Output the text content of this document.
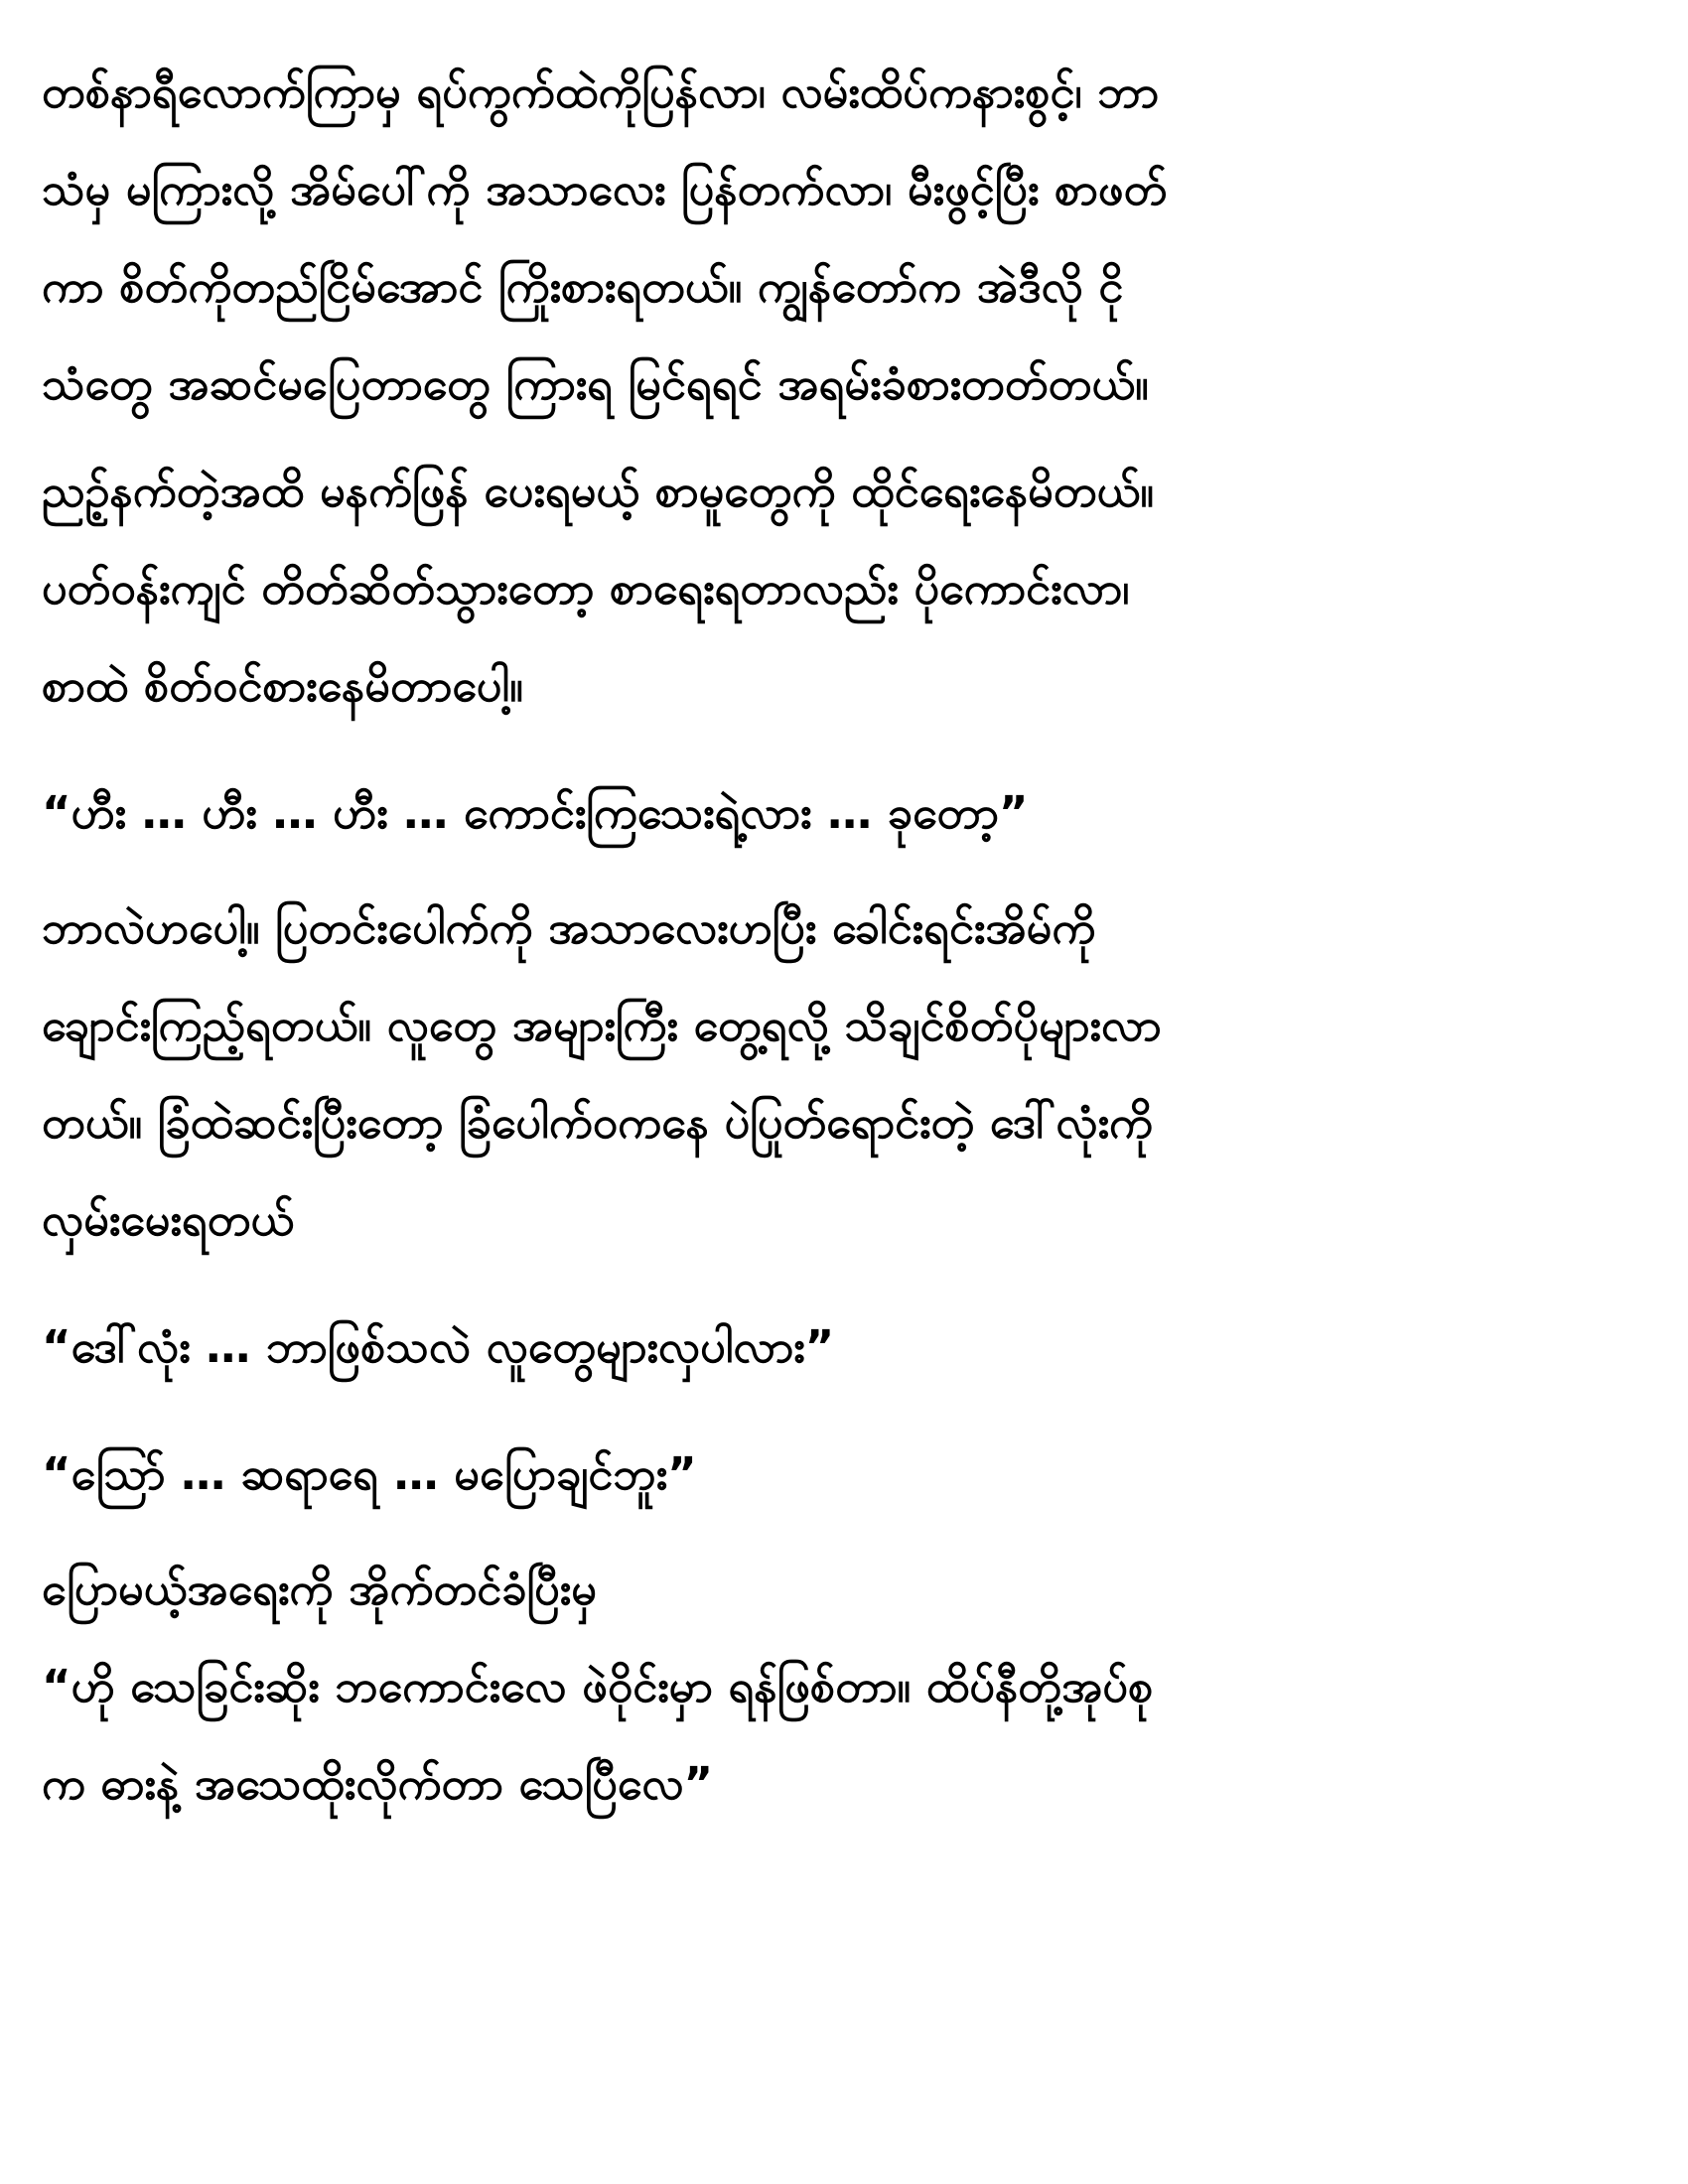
တစ်နာရီလောက်ကြာမှ ရပ်ကွက်ထဲကိုပြန်လာ၊ လမ်းထိပ်ကနားစွင့်၊ ဘာ
သံမှ မကြားလို့ အိမ်ပေါ်ကို အသာလေး ပြန်တက်လာ၊ မီးဖွင့်ပြီး စာဖတ်
ကာ စိတ်ကိုတည်ငြိမ်အောင် ကြိုးစားရတယ်။ ကျွန်တော်က အဲဒီလို ငို
သံတွေ အဆင်မပြေတာတွေ ကြားရ မြင်ရရင် အရမ်းခံစားတတ်တယ်။

ညဉ့်နက်တဲ့အထိ မနက်ဖြန် ပေးရမယ့် စာမူတွေကို ထိုင်ရေးနေမိတယ်။
ပတ်ဝန်းကျင် တိတ်ဆိတ်သွားတော့ စာရေးရတာလည်း ပိုကောင်းလာ၊
စာထဲ စိတ်ဝင်စားနေမိတာပေါ့။

“ဟီး … ဟီး … ဟီး … ကောင်းကြသေးရဲ့လား … ခုတော့”

ဘာလဲဟပေါ့။ ပြတင်းပေါက်ကို အသာလေးဟပြီး ခေါင်းရင်းအိမ်ကို
ချောင်းကြည့်ရတယ်။ လူတွေ အများကြီး တွေ့ရလို့ သိချင်စိတ်ပိုများလာ
တယ်။ ခြံထဲဆင်းပြီးတော့ ခြံပေါက်ဝကနေ ပဲပြုတ်ရောင်းတဲ့ ဒေါ်လုံးကို
လှမ်းမေးရတယ်

“ဒေါ်လုံး … ဘာဖြစ်သလဲ လူတွေများလှပါလား”

“ဩော် … ဆရာရေ … မပြောချင်ဘူး”

ပြောမယ့်အရေးကို အိုက်တင်ခံပြီးမှ

“ဟို သေခြင်းဆိုး ဘကောင်းလေ ဖဲဝိုင်းမှာ ရန်ဖြစ်တာ။ ထိပ်နီတို့အုပ်စု
က ဓားနဲ့ အသေထိုးလိုက်တာ သေပြီလေ”
